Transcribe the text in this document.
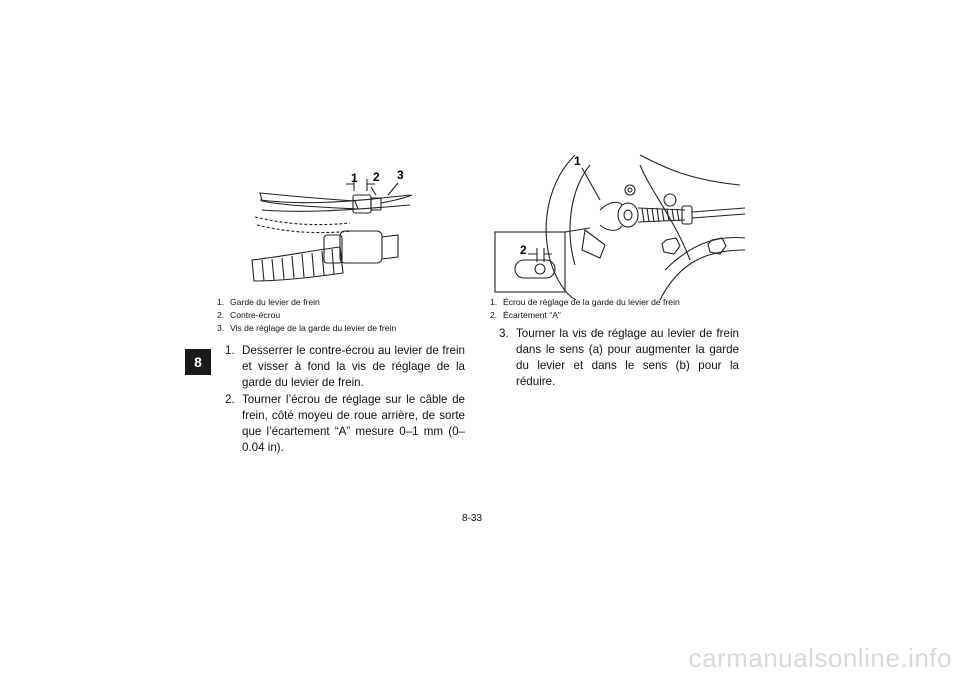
8
1 2 3
1. Garde du levier de frein
2. Contre-écrou
3. Vis de réglage de la garde du levier de frein
1. Desserrer le contre-écrou au levier de frein et visser à fond la vis de réglage de la garde du levier de frein.
2. Tourner l’écrou de réglage sur le câble de frein, côté moyeu de roue arrière, de sorte que l’écartement “A” mesure 0–1 mm (0–0.04 in).
1
2
1. Écrou de réglage de la garde du levier de frein
2. Écartement “A”
3. Tourner la vis de réglage au levier de frein dans le sens (a) pour augmenter la garde du levier et dans le sens (b) pour la réduire.
8-33
carmanualsonline.info
